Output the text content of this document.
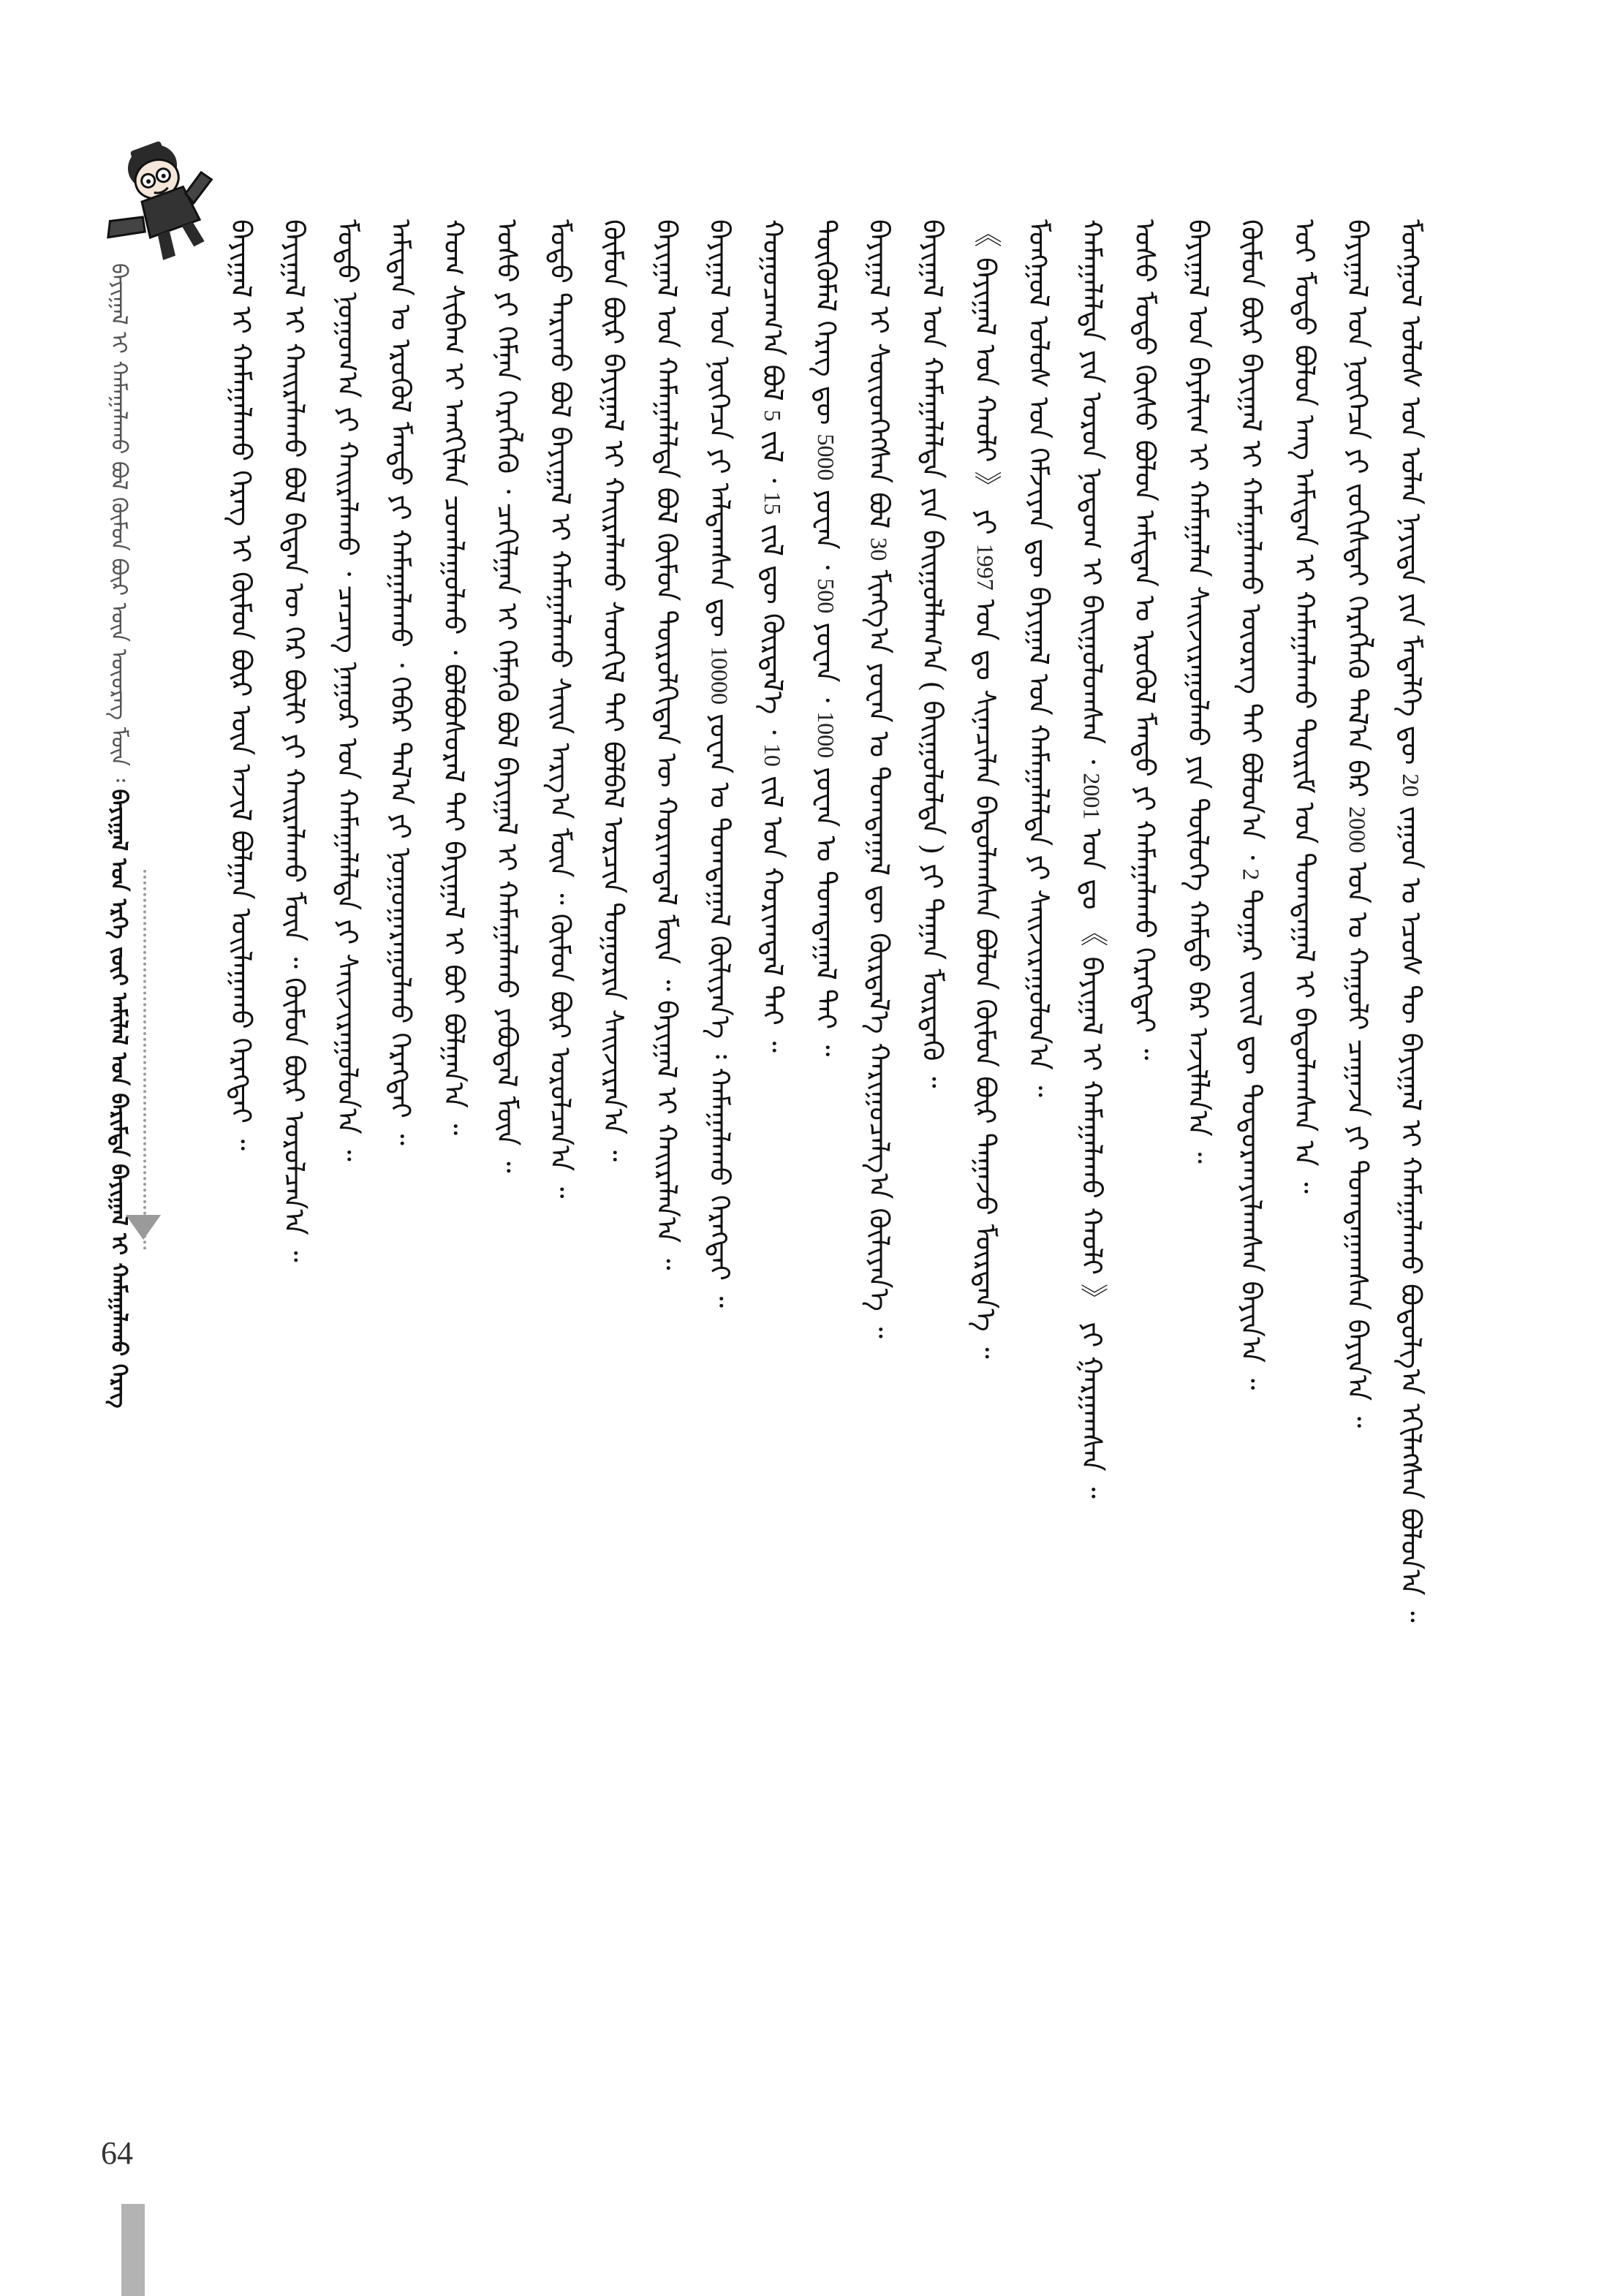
ᠪᠠᠶᠢᠭᠠᠯ ᠢ ᠬᠠᠮᠠᠭᠠᠯᠠᠬᠤ ᠪᠣᠯ ᠬᠦᠮᠦᠨ ᠪᠦᠷ ᠦᠨ ᠦᠦᠷᠡᠭ ᠮᠥᠨ ᠄ ᠪᠠᠶᠢᠭᠠᠯ ᠤᠨ ᠡᠷᠬᠡ ᠵᠦᠢ ᠠᠮᠢᠯᠠᠯ ᠤᠨ ᠪᠠᠷᠢᠮᠲᠠ ᠪᠠᠶᠢᠭᠠᠯ ᠢ ᠬᠠᠮᠠᠭᠠᠯᠠᠬᠤ ᠬᠡᠷᠡᠭ
ᠪᠠᠶᠢᠭᠠᠯ ᠢ ᠬᠠᠮᠠᠭᠠᠯᠠᠬᠤ ᠬᠡᠷᠡᠭ ᠢ ᠬᠦᠮᠦᠨ ᠪᠦᠷ ᠦᠨ ᠠᠵᠢᠯ ᠪᠣᠯᠭᠠᠨ ᠣᠢᠯᠠᠭᠠᠬᠤ ᠬᠡᠷᠡᠭᠲᠡᠢ ᠃ ᠪᠠᠶᠢᠭᠠᠯ ᠢ ᠬᠠᠢᠷᠠᠯᠠᠬᠤ ᠪᠣᠯ ᠪᠢᠳᠡᠨ ᠦ ᠭᠡᠷ ᠪᠦᠯᠢ ᠶᠢ ᠬᠠᠢᠷᠠᠯᠠᠬᠤ ᠮᠥᠨ ᠃ ᠬᠦᠮᠦᠨ ᠪᠦᠷ ᠣᠷᠣᠯᠴᠠᠨ᠎ᠠ ᠃ ᠮᠣᠳᠤ ᠨᠣᠭᠤᠭ᠎ᠠ ᠶᠢ ᠬᠠᠢᠷᠠᠯᠠᠬᠤ ᠂ ᠴᠡᠴᠡᠭ ᠨᠠᠭᠤᠷ ᠤᠨ ᠬᠠᠮᠠᠭᠠᠯᠠᠯᠲᠠ ᠶᠢ ᠰᠠᠢᠵᠢᠷᠠᠭᠤᠯᠤᠨ᠎ᠠ ᠃ ᠠᠮᠢᠲᠠᠨ ᠤ ᠡᠷᠦᠬᠦᠯ ᠮᠡᠨᠳᠦ ᠶᠢ ᠬᠠᠮᠠᠭᠠᠯᠠᠬᠤ ᠂ ᠬᠡᠪᠡᠷ ᠲᠠᠯ᠎ᠠ ᠶᠢ ᠨᠤᠭᠤᠭᠠᠷᠠᠭᠤᠯᠬᠤ ᠬᠡᠷᠡᠭᠲᠡᠢ ᠃ ᠬᠣᠭ ᠰᠢᠪᠠᠭ ᠢ ᠠᠩᠭᠢᠯᠠᠨ ᠴᠤᠭᠯᠠᠭᠤᠯᠬᠤ ᠂ ᠪᠣᠯᠪᠤᠰᠤᠷᠠᠯ ᠲᠠᠢ ᠪᠠᠶᠢᠭᠠᠯ ᠢ ᠪᠣᠢ ᠪᠣᠯᠭᠠᠨ᠎ᠠ ᠃ ᠤᠰᠤ ᠶᠢ ᠬᠡᠮᠨᠡᠨ ᠬᠡᠷᠡᠭᠯᠡᠬᠦ ᠂ ᠴᠠᠬᠢᠯᠭᠠᠨ ᠢ ᠬᠡᠮᠨᠡᠬᠦ ᠪᠣᠯ ᠪᠠᠶᠢᠭᠠᠯ ᠢ ᠬᠠᠮᠠᠭᠠᠯᠠᠬᠤ ᠶᠠᠪᠤᠳᠠᠯ ᠮᠥᠨ ᠃ ᠮᠣᠳᠤ ᠲᠠᠷᠢᠬᠤ ᠪᠣᠯ ᠪᠠᠶᠢᠭᠠᠯ ᠢ ᠬᠠᠮᠠᠭᠠᠯᠠᠬᠤ ᠰᠠᠢᠨ ᠠᠷᠭ᠎ᠠ ᠮᠥᠨ ᠃ ᠬᠦᠮᠦᠨ ᠪᠦᠷ ᠣᠷᠣᠯᠴᠠᠨ᠎ᠠ ᠃ ᠬᠦᠮᠦᠨ ᠪᠦᠷ ᠪᠠᠶᠢᠭᠠᠯ ᠢ ᠬᠠᠢᠷᠠᠯᠠᠬᠤ ᠰᠡᠳᠬᠢᠯ ᠲᠡᠢ ᠪᠣᠯᠪᠠᠯ ᠣᠷᠴᠢᠨ ᠲᠣᠭᠣᠷᠢᠨ ᠰᠠᠢᠵᠢᠷᠠᠨ᠎ᠠ ᠃ ᠪᠠᠶᠢᠭᠠᠯ ᠤᠨ ᠬᠠᠮᠠᠭᠠᠯᠠᠯᠲᠠ ᠪᠣᠯ ᠬᠦᠮᠦᠨ ᠲᠥᠷᠥᠯᠬᠢᠲᠡᠨ ᠦ ᠬᠣᠷᠢᠭᠳᠠᠯ ᠮᠥᠨ ᠃ ᠪᠠᠶᠢᠭᠠᠯ ᠢ ᠬᠠᠢᠷᠠᠯᠠᠨ᠎ᠠ ᠃ ᠪᠠᠶᠢᠭᠠᠯ ᠤᠨ ᠨᠥᠭᠡᠴᠡ ᠶᠢ ᠠᠯᠳᠠᠭᠰᠠᠨ ᠳᠦ 10000 ᠶᠤᠸᠠᠨ ᠤ ᠲᠣᠭᠲᠠᠭᠠᠯ ᠬᠦᠯᠢᠶᠡᠨ᠎ᠡ ᠄ ᠬᠠᠮᠠᠭᠠᠯᠠᠬᠤ ᠬᠡᠷᠡᠭᠲᠡᠢ ᠃
ᠬᠤᠭᠤᠴᠠᠭ᠎ᠠ ᠪᠣᠯ 5 ᠵᠢᠯ ᠂ 15 ᠵᠢᠯ ᠳᠦ ᠬᠦᠷᠲᠡᠯ᠎ᠡ ᠂ 10 ᠵᠢᠯ ᠤᠨ ᠬᠣᠷᠢᠭᠳᠠᠯ ᠲᠠᠢ ᠃
ᠲᠦᠭᠦᠮᠡᠯ ᠬᠡᠷᠡᠭ ᠳᠦ 5000 ᠶᠤᠸᠠᠨ ᠂ 500 ᠶᠤᠸᠠᠨ ᠂ 1000 ᠶᠤᠸᠠᠨ ᠤ ᠲᠣᠭᠲᠠᠭᠠᠯ ᠲᠠᠢ ᠃
ᠪᠠᠶᠢᠭᠠᠯ ᠢ ᠰᠦᠢᠳᠬᠡᠭᠰᠡᠨ ᠪᠣᠯ 30 ᠮᠢᠩᠭ᠎ᠠ ᠶᠤᠸᠠᠨ ᠤ ᠲᠣᠭᠲᠠᠭᠠᠯ ᠳᠦ ᠬᠦᠷᠲᠡᠯ᠎ᠡ ᠬᠠᠷᠢᠭᠤᠴᠠᠯᠭ᠎ᠠ ᠬᠦᠯᠢᠶᠡᠨ᠎ᠡ ᠃ ᠪᠠᠶᠢᠭᠠᠯ ᠤᠨ ᠬᠠᠮᠠᠭᠠᠯᠠᠯᠲᠠ ᠶᠢᠨ ᠪᠠᠢᠭᠤᠯᠯᠠᠭ᠎ᠠ ( ᠪᠠᠢᠭᠤᠯᠤᠯᠲᠠ ) ᠶᠢ ᠳᠠᠭᠠᠨ ᠮᠥᠷᠳᠡᠬᠦ ᠃ 《 ᠪᠠᠶᠢᠭᠠᠯ ᠤᠨ ᠬᠠᠤᠯᠢ 》 ᠶᠢ 1997 ᠣᠨ ᠳᠤ ᠰᠢᠨᠡᠴᠢᠯᠡᠨ ᠪᠠᠲᠤᠯᠠᠭᠰᠠᠨ ᠪᠣᠯᠤᠨ ᠬᠦᠮᠦᠨ ᠪᠦᠷ ᠳᠠᠭᠠᠵᠤ ᠮᠥᠷᠳᠡᠨ᠎ᠡ ᠃ ᠮᠣᠩᠭᠣᠯ ᠤᠯᠤᠰ ᠤᠨ ᠬᠡᠮᠵᠢᠶᠡᠨ ᠳᠦ ᠪᠠᠶᠢᠭᠠᠯ ᠤᠨ ᠬᠠᠮᠠᠭᠠᠯᠠᠯᠲᠠ ᠶᠢ ᠰᠠᠢᠵᠢᠷᠠᠭᠤᠯᠤᠨ᠎ᠠ ᠃ ᠬᠠᠮᠠᠭᠠᠯᠠᠯᠲᠠ ᠶᠢᠨ ᠣᠷᠤᠨ ᠨᠤᠲᠤᠭ ᠢ ᠪᠠᠢᠭᠤᠯᠤᠭᠰᠠᠨ ᠂ 2001 ᠣᠨ ᠳᠤ 《 ᠪᠠᠶᠢᠭᠠᠯ ᠢ ᠬᠠᠮᠠᠭᠠᠯᠠᠬᠤ ᠬᠠᠤᠯᠢ 》 ᠶᠢ ᠭᠠᠷᠭᠠᠭᠰᠠᠨ ᠃
ᠤᠰᠤ ᠮᠣᠳᠤ ᠬᠥᠰᠥ ᠪᠣᠯᠤᠨ ᠠᠮᠢᠲᠠᠨ ᠤ ᠡᠷᠦᠬᠦᠯ ᠮᠡᠨᠳᠦ ᠶᠢ ᠬᠠᠮᠠᠭᠠᠯᠠᠬᠤ ᠬᠡᠷᠡᠭᠲᠡᠢ ᠃ ᠪᠠᠶᠢᠭᠠᠯ ᠤᠨ ᠪᠠᠶᠠᠯᠢᠭ ᠢ ᠬᠠᠮᠠᠭᠠᠯᠠᠨ ᠰᠠᠢᠵᠢᠷᠠᠭᠤᠯᠬᠤ ᠶᠢᠨ ᠲᠥᠯᠥᠭᠡ ᠬᠠᠮᠲᠤ ᠪᠠᠷ ᠠᠵᠢᠯᠯᠠᠨ᠎ᠠ ᠃ ᠬᠦᠮᠦᠨ ᠪᠦᠷ ᠪᠠᠶᠢᠭᠠᠯ ᠢ ᠬᠠᠮᠠᠭᠠᠯᠠᠬᠤ ᠦᠦᠷᠡᠭ ᠲᠡᠢ ᠪᠣᠯᠤᠨ᠎ᠠ ᠂ 2 ᠳᠤᠭᠠᠷ ᠵᠦᠢᠯ ᠳᠦ ᠲᠣᠳᠣᠷᠬᠠᠶᠢᠯᠠᠭᠰᠠᠨ ᠪᠠᠶᠢᠨ᠎ᠠ ᠃ ᠣᠢ ᠮᠣᠳᠤ ᠪᠣᠯᠤᠨ ᠠᠩ ᠠᠮᠢᠲᠠᠨ ᠢ ᠬᠠᠮᠠᠭᠠᠯᠠᠬᠤ ᠳᠦᠷᠢᠮ ᠤᠨ ᠲᠣᠭᠲᠠᠭᠠᠯ ᠢ ᠪᠠᠲᠤᠯᠠᠭᠰᠠᠨ ᠠ ᠃ ᠪᠠᠶᠢᠭᠠᠯ ᠤᠨ ᠨᠥᠭᠡᠴᠡ ᠶᠢ ᠵᠣᠬᠢᠰᠲᠠᠢ ᠬᠡᠷᠡᠭᠯᠡᠬᠦ ᠲᠠᠯ᠎ᠠ ᠪᠠᠷ 2000 ᠣᠨ ᠤ ᠬᠠᠭᠤᠯᠢ ᠴᠠᠭᠠᠵᠠ ᠶᠢ ᠲᠣᠭᠲᠠᠭᠠᠭᠰᠠᠨ ᠪᠠᠶᠢᠨ᠎ᠠ ᠃
ᠮᠣᠩᠭᠣᠯ ᠤᠯᠤᠰ ᠤᠨ ᠣᠯᠠᠨ ᠨᠡᠶᠢᠲᠡ ᠶᠢᠨ ᠮᠡᠳᠡᠯᠭᠡ ᠳᠦ 20 ᠵᠠᠭᠤᠨ ᠤ ᠡᠴᠦᠰ ᠲᠦ ᠪᠠᠶᠢᠭᠠᠯ ᠢ ᠬᠠᠮᠠᠭᠠᠯᠠᠬᠤ ᠪᠣᠳᠤᠯᠭ᠎ᠠ ᠡᠬᠢᠯᠡᠭᠰᠡᠨ ᠪᠣᠯᠤᠨ᠎ᠠ ᠃
64
